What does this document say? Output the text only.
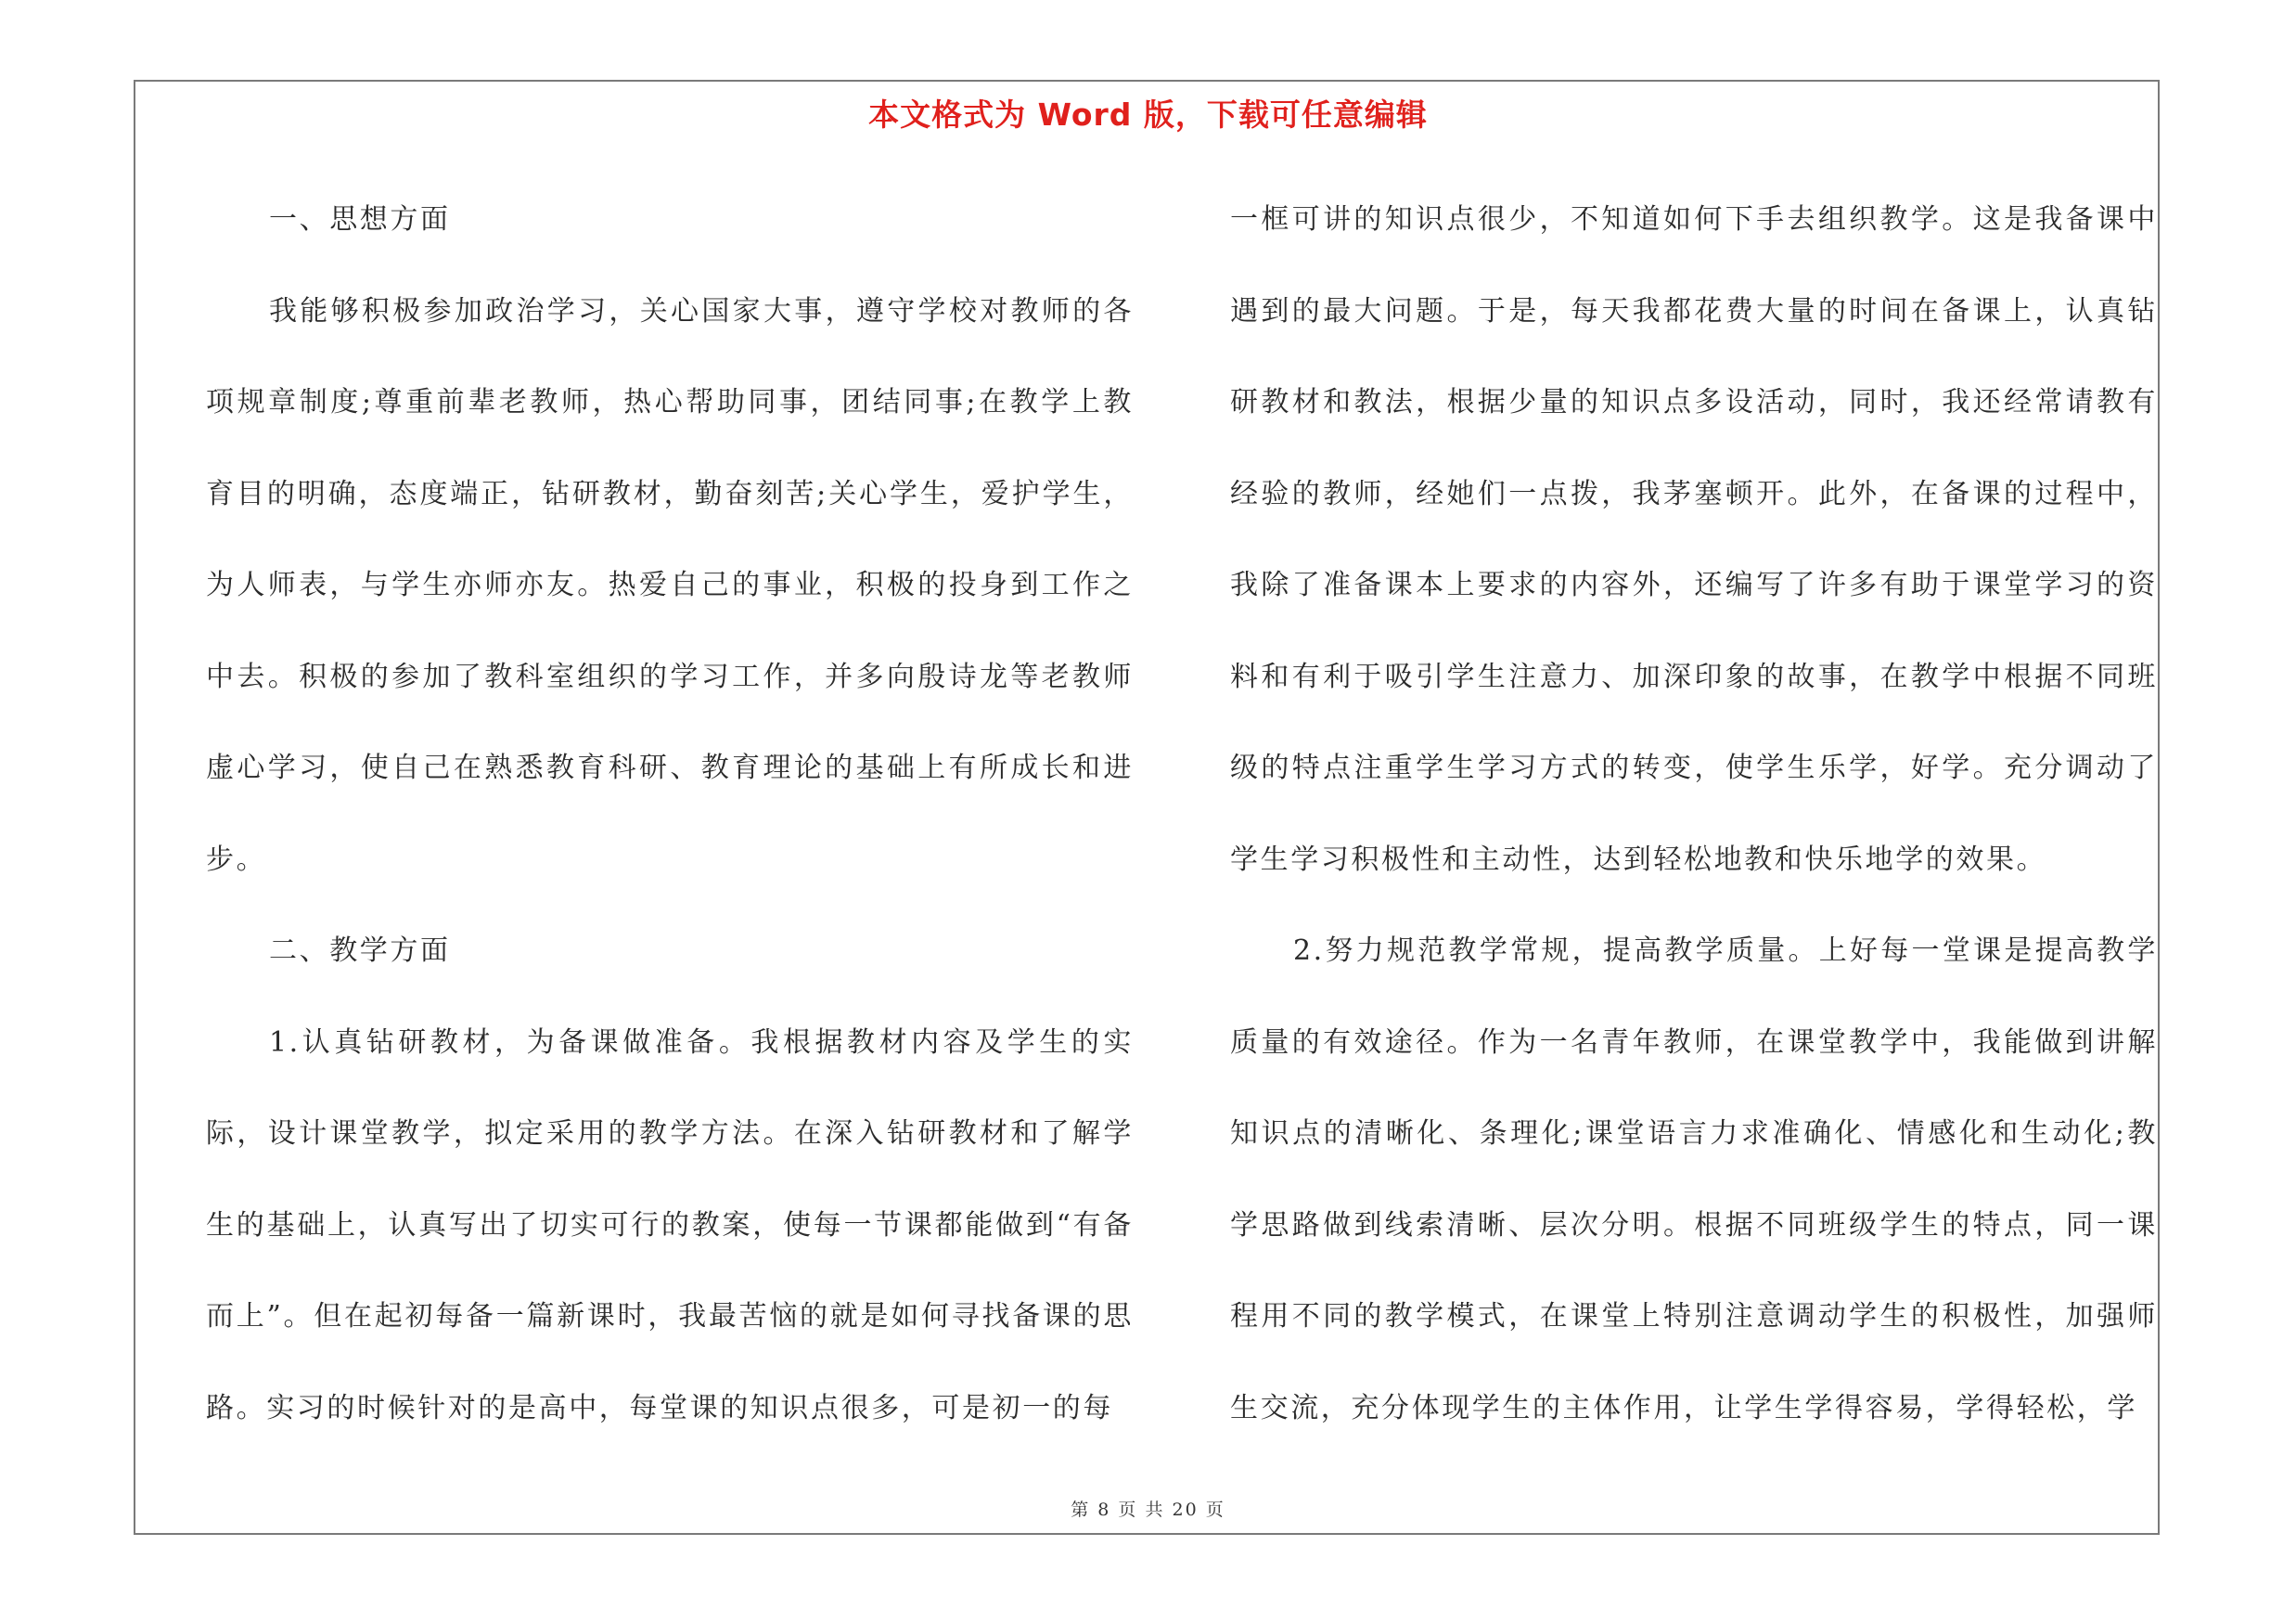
本文格式为 Word 版，下载可任意编辑

一、思想方面

我能够积极参加政治学习，关心国家大事，遵守学校对教师的各项规章制度;尊重前辈老教师，热心帮助同事，团结同事;在教学上教育目的明确，态度端正，钻研教材，勤奋刻苦;关心学生，爱护学生，为人师表，与学生亦师亦友。热爱自己的事业，积极的投身到工作之中去。积极的参加了教科室组织的学习工作，并多向殷诗龙等老教师虚心学习，使自己在熟悉教育科研、教育理论的基础上有所成长和进步。

二、教学方面

1.认真钻研教材，为备课做准备。我根据教材内容及学生的实际，设计课堂教学，拟定采用的教学方法。在深入钻研教材和了解学生的基础上，认真写出了切实可行的教案，使每一节课都能做到“有备而上”。但在起初每备一篇新课时，我最苦恼的就是如何寻找备课的思路。实习的时候针对的是高中，每堂课的知识点很多，可是初一的每

一框可讲的知识点很少，不知道如何下手去组织教学。这是我备课中遇到的最大问题。于是，每天我都花费大量的时间在备课上，认真钻研教材和教法，根据少量的知识点多设活动，同时，我还经常请教有经验的教师，经她们一点拨，我茅塞顿开。此外，在备课的过程中，我除了准备课本上要求的内容外，还编写了许多有助于课堂学习的资料和有利于吸引学生注意力、加深印象的故事，在教学中根据不同班级的特点注重学生学习方式的转变，使学生乐学，好学。充分调动了学生学习积极性和主动性，达到轻松地教和快乐地学的效果。

2.努力规范教学常规，提高教学质量。上好每一堂课是提高教学质量的有效途径。作为一名青年教师，在课堂教学中，我能做到讲解知识点的清晰化、条理化;课堂语言力求准确化、情感化和生动化;教学思路做到线索清晰、层次分明。根据不同班级学生的特点，同一课程用不同的教学模式，在课堂上特别注意调动学生的积极性，加强师生交流，充分体现学生的主体作用，让学生学得容易，学得轻松，学

第 8 页 共 20 页
